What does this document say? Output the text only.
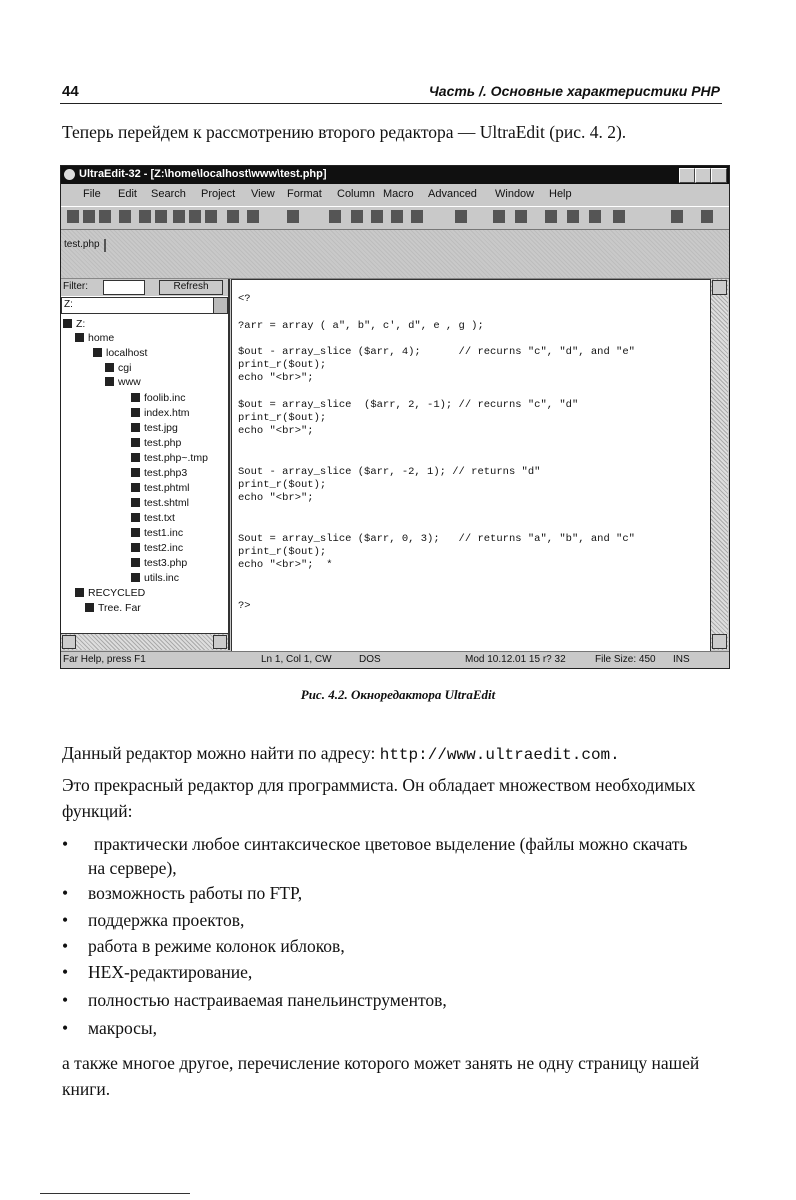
44	Часть /. Основные характеристики PHP
Теперь перейдем к рассмотрению второго редактора — UltraEdit (рис. 4. 2).
UltraEdit-32 - [Z:\home\localhost\www\test.php]
File Edit Search Project View Format Column Macro Advanced Window Help
test.php
Filter:	Refresh
Z:
Z:
home
localhost
cgi
www
foolib.inc
index.htm
test.jpg
test.php
test.php~.tmp
test.php3
test.phtml
test.shtml
test.txt
test1.inc
test2.inc
test3.php
utils.inc
RECYCLED
Tree. Far
<?
?arr = array ( a", b", c', d", e , g );
$out - array_slice ($arr, 4);      // recurns "c", "d", and "e"
print_r($out);
echo "<br>";
$out = array_slice  ($arr, 2, -1); // recurns "c", "d"
print_r($out);
echo "<br>";
Sout - array_slice ($arr, -2, 1); // returns "d"
print_r($out);
echo "<br>";
Sout = array_slice ($arr, 0, 3);   // returns "a", "b", and "c"
print_r($out);
echo "<br>";  *
?>
Far Help, press F1	Ln 1, Col 1, CW	DOS	Mod 10.12.01 15 r? 32	File Size: 450 INS
Рис. 4.2. Окноредактора UltraEdit
Данный редактор можно найти по адресу: http://www.ultraedit.com.
Это прекрасный редактор для программиста. Он обладает множеством необходимых функций:
• практически любое синтаксическое цветовое выделение (файлы можно скачать
на сервере),
• возможность работы по FTP,
• поддержка проектов,
• работа в режиме колонок иблоков,
• HEX-редактирование,
• полностью настраиваемая панельинструментов,
• макросы,
а также многое другое, перечисление которого может занять не одну страницу нашей книги.
